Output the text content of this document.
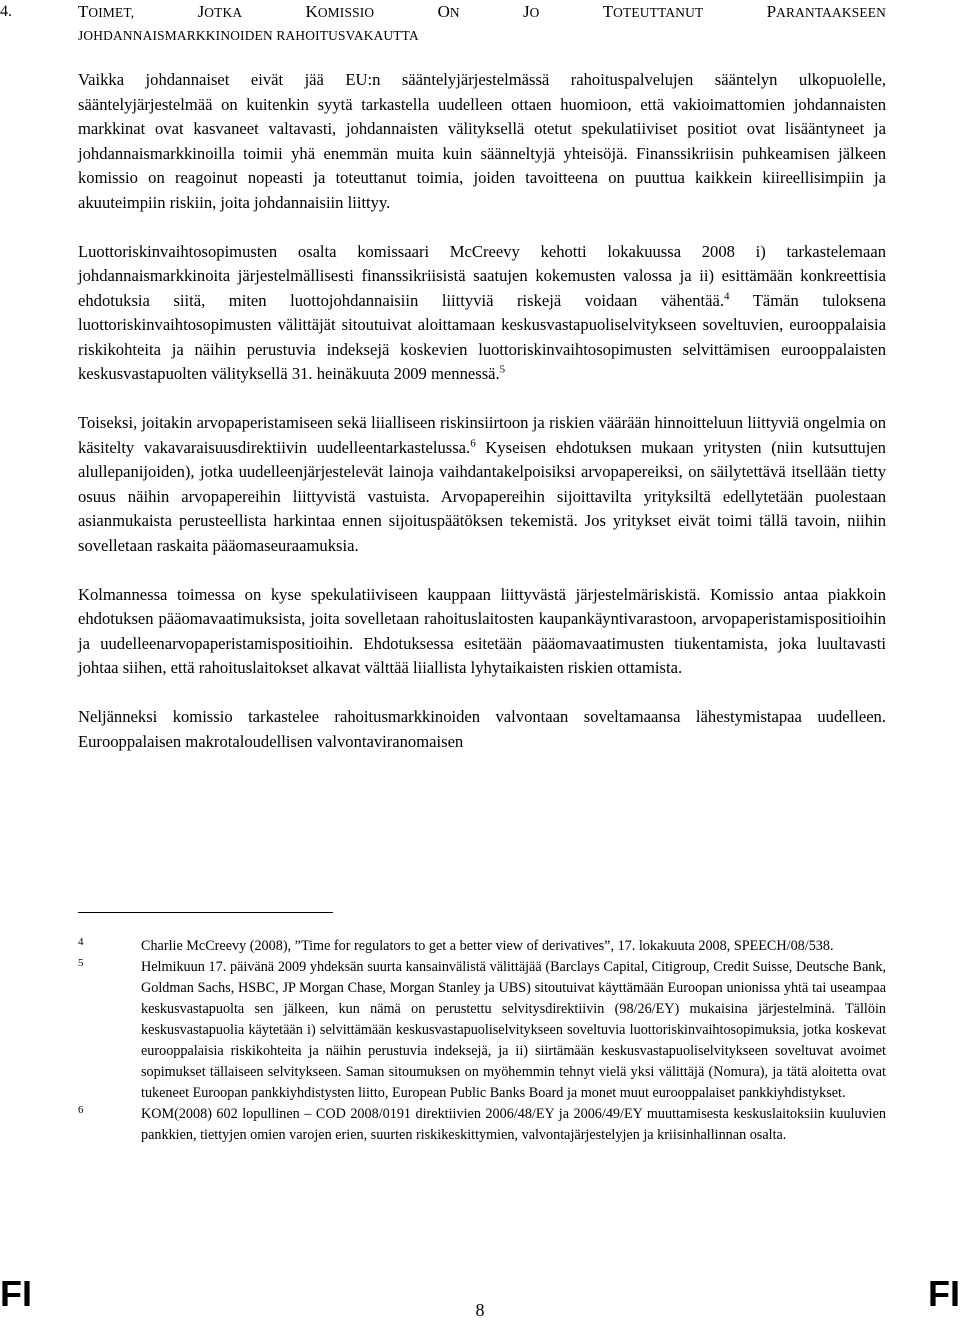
4.	TOIMET,	JOTKA	KOMISSIO	ON	JO	TOTEUTTANUT	PARANTAAKSEEN
JOHDANNAISMARKKINOIDEN RAHOITUSVAKAUTTA

Vaikka johdannaiset eivät jää EU:n sääntelyjärjestelmässä rahoituspalvelujen sääntelyn ulkopuolelle, sääntelyjärjestelmää on kuitenkin syytä tarkastella uudelleen ottaen huomioon, että vakioimattomien johdannaisten markkinat ovat kasvaneet valtavasti, johdannaisten välityksellä otetut spekulatiiviset positiot ovat lisääntyneet ja johdannaismarkkinoilla toimii yhä enemmän muita kuin säänneltyjä yhteisöjä. Finanssikriisin puhkeamisen jälkeen komissio on reagoinut nopeasti ja toteuttanut toimia, joiden tavoitteena on puuttua kaikkein kiireellisimpiin ja akuuteimpiin riskiin, joita johdannaisiin liittyy.

Luottoriskinvaihtosopimusten osalta komissaari McCreevy kehotti lokakuussa 2008 i) tarkastelemaan johdannaismarkkinoita järjestelmällisesti finanssikriisistä saatujen kokemusten valossa ja ii) esittämään konkreettisia ehdotuksia siitä, miten luottojohdannaisiin liittyviä riskejä voidaan vähentää.$^4$ Tämän tuloksena luottoriskinvaihtosopimusten välittäjät sitoutuivat aloittamaan keskusvastapuoliselvitykseen soveltuvien, eurooppalaisia riskikohteita ja näihin perustuvia indeksejä koskevien luottoriskinvaihtosopimusten selvittämisen eurooppalaisten keskusvastapuolten välityksellä 31. heinäkuuta 2009 mennessä.$^5$

Toiseksi, joitakin arvopaperistamiseen sekä liialliseen riskinsiirtoon ja riskien väärään hinnoitteluun liittyviä ongelmia on käsitelty vakavaraisuusdirektiivin uudelleentarkastelussa.$^6$ Kyseisen ehdotuksen mukaan yritysten (niin kutsuttujen alullepanijoiden), jotka uudelleenjärjestelevät lainoja vaihdantakelpoisiksi arvopapereiksi, on säilytettävä itsellään tietty osuus näihin arvopapereihin liittyvistä vastuista. Arvopapereihin sijoittavilta yrityksiltä edellytetään puolestaan asianmukaista perusteellista harkintaa ennen sijoituspäätöksen tekemistä. Jos yritykset eivät toimi tällä tavoin, niihin sovelletaan raskaita pääomaseuraamuksia.

Kolmannessa toimessa on kyse spekulatiiviseen kauppaan liittyvästä järjestelmäriskistä. Komissio antaa piakkoin ehdotuksen pääomavaatimuksista, joita sovelletaan rahoituslaitosten kaupankäyntivarastoon, arvopaperistamispositioihin ja uudelleenarvopaperistamispositioihin. Ehdotuksessa esitetään pääomavaatimusten tiukentamista, joka luultavasti johtaa siihen, että rahoituslaitokset alkavat välttää liiallista lyhytaikaisten riskien ottamista.

Neljänneksi komissio tarkastelee rahoitusmarkkinoiden valvontaan soveltamaansa lähestymistapaa uudelleen. Eurooppalaisen makrotaloudellisen valvontaviranomaisen

4	Charlie McCreevy (2008), ”Time for regulators to get a better view of derivatives”, 17. lokakuuta 2008, SPEECH/08/538.
5	Helmikuun 17. päivänä 2009 yhdeksän suurta kansainvälistä välittäjää (Barclays Capital, Citigroup, Credit Suisse, Deutsche Bank, Goldman Sachs, HSBC, JP Morgan Chase, Morgan Stanley ja UBS) sitoutuivat käyttämään Euroopan unionissa yhtä tai useampaa keskusvastapuolta sen jälkeen, kun nämä on perustettu selvitysdirektiivin (98/26/EY) mukaisina järjestelminä. Tällöin keskusvastapuolia käytetään i) selvittämään keskusvastapuoliselvitykseen soveltuvia luottoriskinvaihtosopimuksia, jotka koskevat eurooppalaisia riskikohteita ja näihin perustuvia indeksejä, ja ii) siirtämään keskusvastapuoliselvitykseen soveltuvat avoimet sopimukset tällaiseen selvitykseen. Saman sitoumuksen on myöhemmin tehnyt vielä yksi välittäjä (Nomura), ja tätä aloitetta ovat tukeneet Euroopan pankkiyhdistysten liitto, European Public Banks Board ja monet muut eurooppalaiset pankkiyhdistykset.
6	KOM(2008) 602 lopullinen – COD 2008/0191 direktiivien 2006/48/EY ja 2006/49/EY muuttamisesta keskuslaitoksiin kuuluvien pankkien, tiettyjen omien varojen erien, suurten riskikeskittymien, valvontajärjestelyjen ja kriisinhallinnan osalta.
FI	8	FI
